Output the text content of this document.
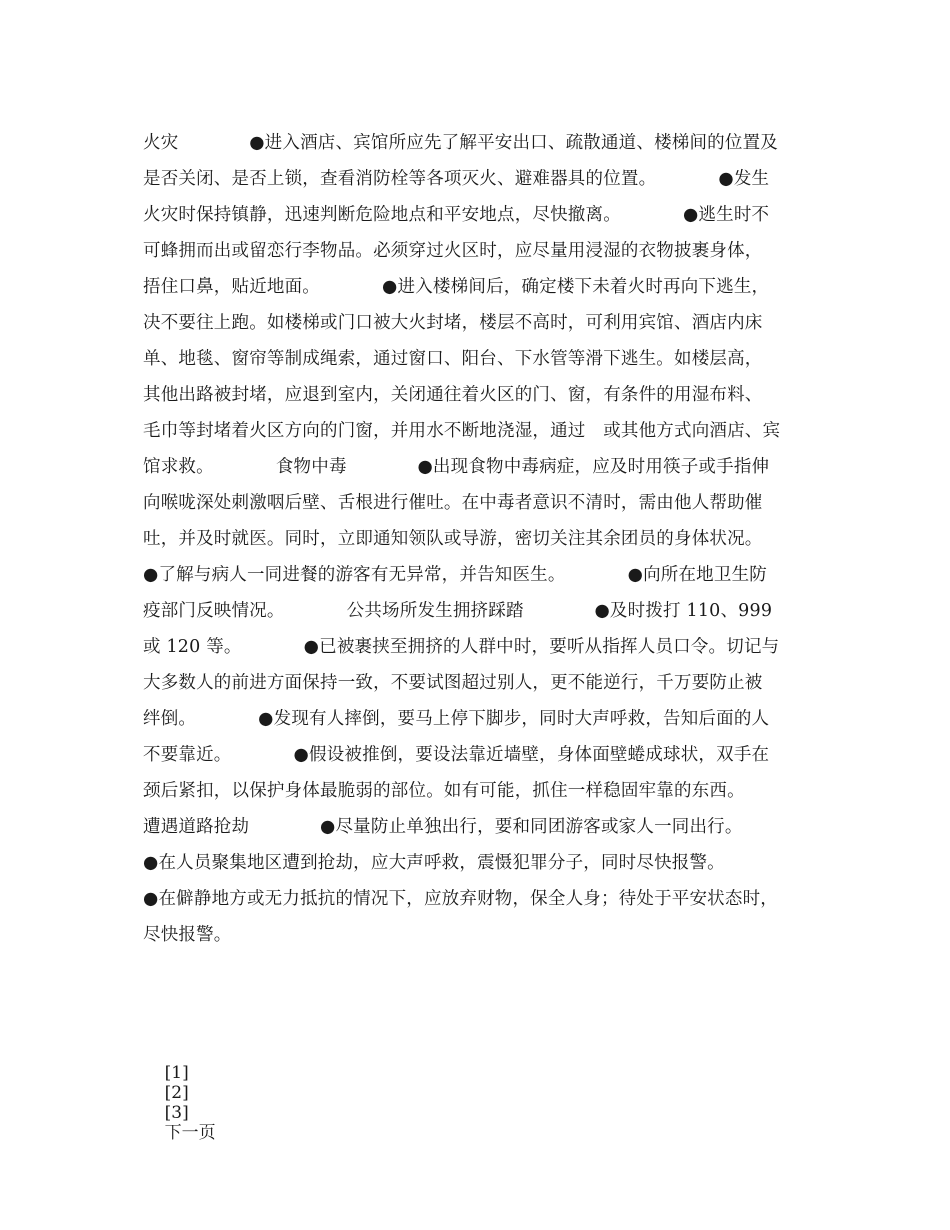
火灾　　　　●进入酒店、宾馆所应先了解平安出口、疏散通道、楼梯间的位置及
是否关闭、是否上锁，查看消防栓等各项灭火、避难器具的位置。　　　　●发生
火灾时保持镇静，迅速判断危险地点和平安地点，尽快撤离。　　　　●逃生时不
可蜂拥而出或留恋行李物品。必须穿过火区时，应尽量用浸湿的衣物披裹身体，
捂住口鼻，贴近地面。　　　　●进入楼梯间后，确定楼下未着火时再向下逃生，
决不要往上跑。如楼梯或门口被大火封堵，楼层不高时，可利用宾馆、酒店内床
单、地毯、窗帘等制成绳索，通过窗口、阳台、下水管等滑下逃生。如楼层高，
其他出路被封堵，应退到室内，关闭通往着火区的门、窗，有条件的用湿布料、
毛巾等封堵着火区方向的门窗，并用水不断地浇湿，通过　或其他方式向酒店、宾
馆求救。　　　　食物中毒　　　　●出现食物中毒病症，应及时用筷子或手指伸
向喉咙深处刺激咽后壁、舌根进行催吐。在中毒者意识不清时，需由他人帮助催
吐，并及时就医。同时，立即通知领队或导游，密切关注其余团员的身体状况。
●了解与病人一同进餐的游客有无异常，并告知医生。　　　　●向所在地卫生防
疫部门反映情况。　　　　公共场所发生拥挤踩踏　　　　●及时拨打 110、999
或 120 等。　　　　●已被裹挟至拥挤的人群中时，要听从指挥人员口令。切记与
大多数人的前进方面保持一致，不要试图超过别人，更不能逆行，千万要防止被
绊倒。　　　　●发现有人摔倒，要马上停下脚步，同时大声呼救，告知后面的人
不要靠近。　　　　●假设被推倒，要设法靠近墙壁，身体面壁蜷成球状，双手在
颈后紧扣，以保护身体最脆弱的部位。如有可能，抓住一样稳固牢靠的东西。
遭遇道路抢劫　　　　●尽量防止单独出行，要和同团游客或家人一同出行。
●在人员聚集地区遭到抢劫，应大声呼救，震慑犯罪分子，同时尽快报警。
●在僻静地方或无力抵抗的情况下，应放弃财物，保全人身；待处于平安状态时，
尽快报警。

[1]
[2]
[3]
下一页
